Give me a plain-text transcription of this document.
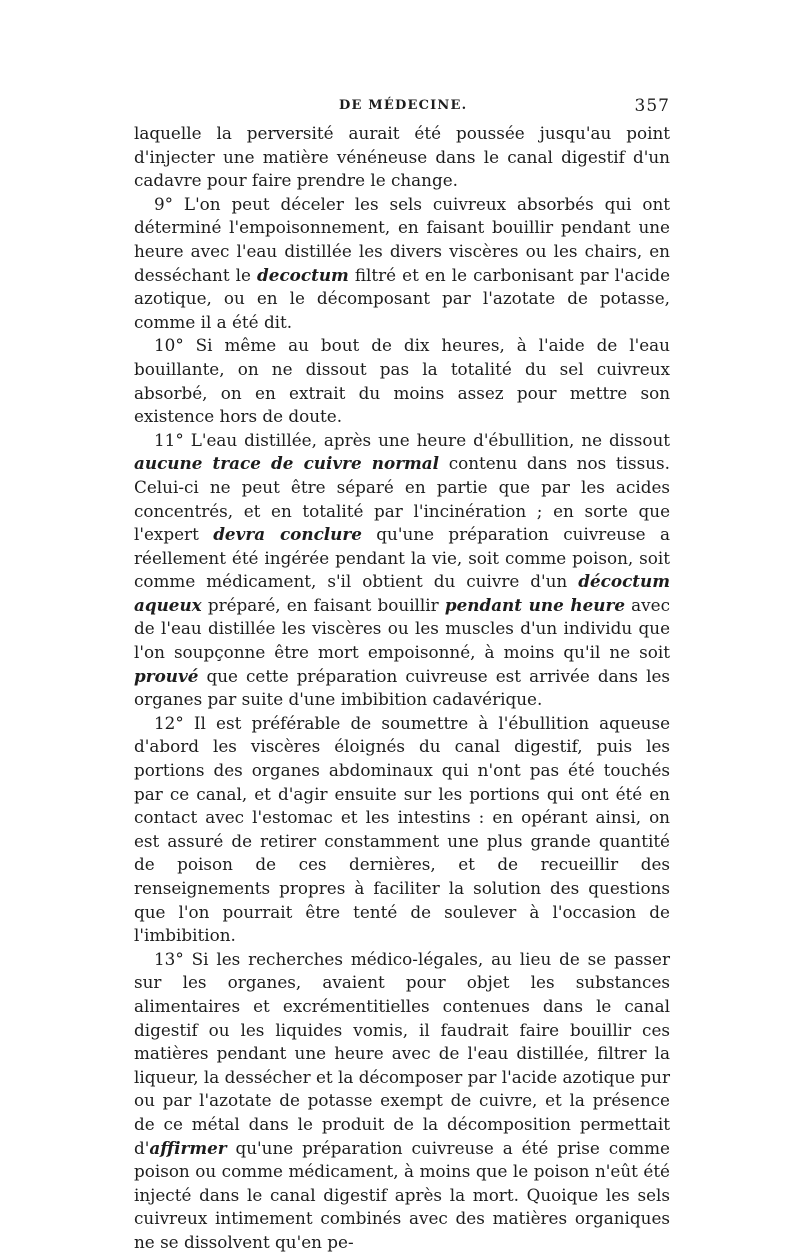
DE MÉDECINE.	357

laquelle la perversité aurait été poussée jusqu'au point d'injecter une matière vénéneuse dans le canal digestif d'un cadavre pour faire prendre le change.

9° L'on peut déceler les sels cuivreux absorbés qui ont déterminé l'empoisonnement, en faisant bouillir pendant une heure avec l'eau distillée les divers viscères ou les chairs, en desséchant le decoctum filtré et en le carbonisant par l'acide azotique, ou en le décomposant par l'azotate de potasse, comme il a été dit.

10° Si même au bout de dix heures, à l'aide de l'eau bouillante, on ne dissout pas la totalité du sel cuivreux absorbé, on en extrait du moins assez pour mettre son existence hors de doute.

11° L'eau distillée, après une heure d'ébullition, ne dissout aucune trace de cuivre normal contenu dans nos tissus. Celui-ci ne peut être séparé en partie que par les acides concentrés, et en totalité par l'incinération ; en sorte que l'expert devra conclure qu'une préparation cuivreuse a réellement été ingérée pendant la vie, soit comme poison, soit comme médicament, s'il obtient du cuivre d'un décoctum aqueux préparé, en faisant bouillir pendant une heure avec de l'eau distillée les viscères ou les muscles d'un individu que l'on soupçonne être mort empoisonné, à moins qu'il ne soit prouvé que cette préparation cuivreuse est arrivée dans les organes par suite d'une imbibition cadavérique.

12° Il est préférable de soumettre à l'ébullition aqueuse d'abord les viscères éloignés du canal digestif, puis les portions des organes abdominaux qui n'ont pas été touchés par ce canal, et d'agir ensuite sur les portions qui ont été en contact avec l'estomac et les intestins : en opérant ainsi, on est assuré de retirer constamment une plus grande quantité de poison de ces dernières, et de recueillir des renseignements propres à faciliter la solution des questions que l'on pourrait être tenté de soulever à l'occasion de l'imbibition.

13° Si les recherches médico-légales, au lieu de se passer sur les organes, avaient pour objet les substances alimentaires et excrémentitielles contenues dans le canal digestif ou les liquides vomis, il faudrait faire bouillir ces matières pendant une heure avec de l'eau distillée, filtrer la liqueur, la dessécher et la décomposer par l'acide azotique pur ou par l'azotate de potasse exempt de cuivre, et la présence de ce métal dans le produit de la décomposition permettait d'affirmer qu'une préparation cuivreuse a été prise comme poison ou comme médicament, à moins que le poison n'eût été injecté dans le canal digestif après la mort. Quoique les sels cuivreux intimement combinés avec des matières organiques ne se dissolvent qu'en pe-
